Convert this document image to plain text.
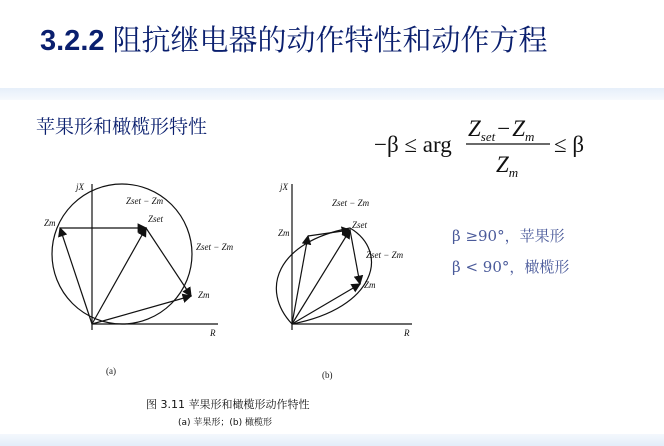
3.2.2 阻抗继电器的动作特性和动作方程
苹果形和橄榄形特性
−β ≤ arg
$Z_{set}-Z_m$
$Z_m$
≤ β
β ≥90°，苹果形
β < 90°，橄榄形
jX
R
Zset − Zm
Zset
Zm
Zset − Zm
Zm
(a)
jX
R
Zset − Zm
Zset
Zm
Zset − Zm
Zm
(b)
图 3.11 苹果形和橄榄形动作特性
(a) 苹果形；(b) 橄榄形
